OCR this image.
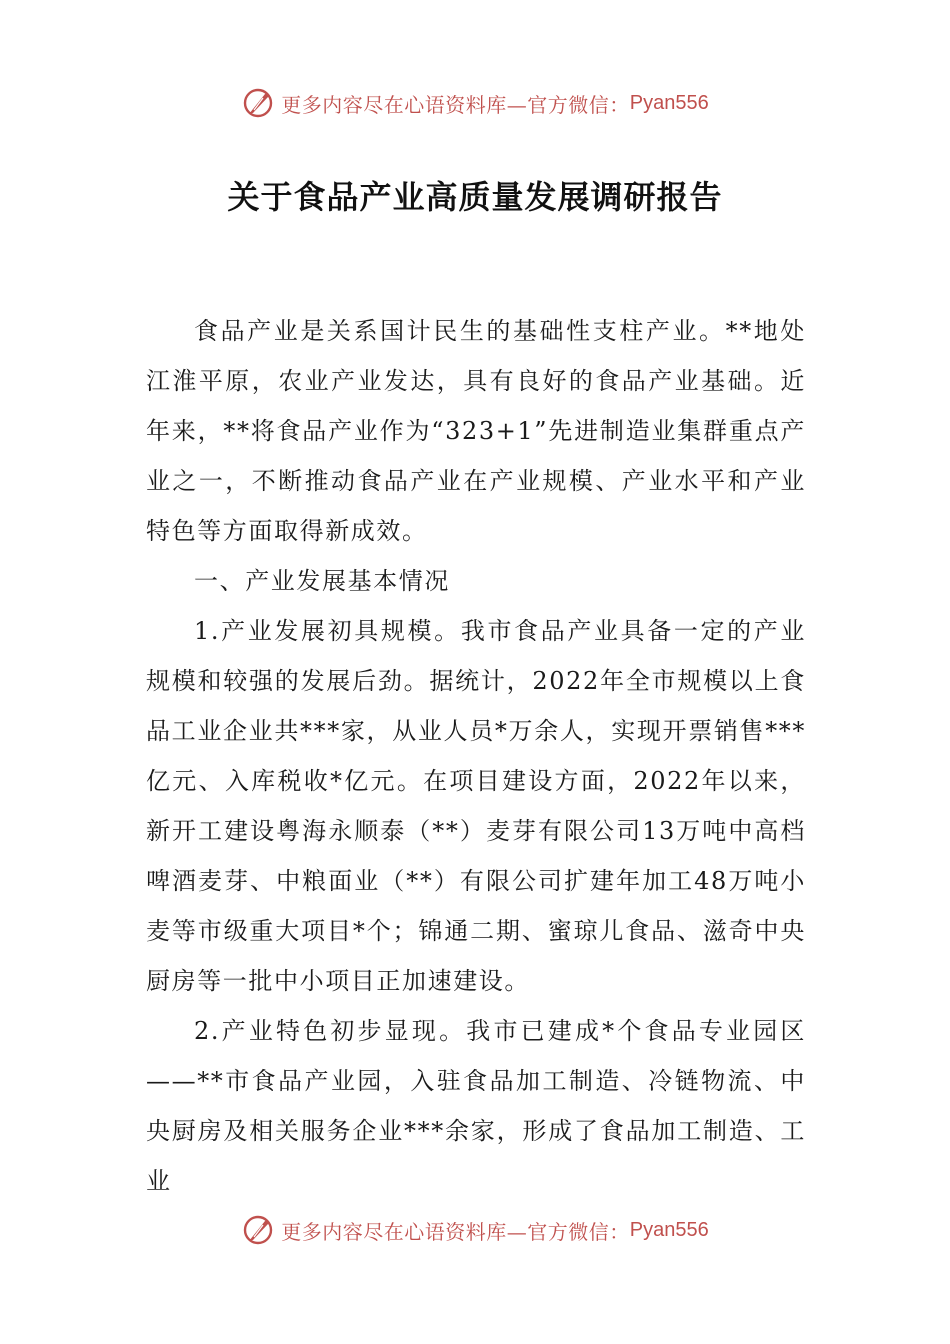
更多内容尽在心语资料库—官方微信： Pyan556
关于食品产业高质量发展调研报告

食品产业是关系国计民生的基础性支柱产业。**地处江淮平原，农业产业发达，具有良好的食品产业基础。近年来，**将食品产业作为“323+1”先进制造业集群重点产业之一，不断推动食品产业在产业规模、产业水平和产业特色等方面取得新成效。

一、产业发展基本情况

1.产业发展初具规模。我市食品产业具备一定的产业规模和较强的发展后劲。据统计，2022年全市规模以上食品工业企业共***家，从业人员*万余人，实现开票销售***亿元、入库税收*亿元。在项目建设方面，2022年以来，新开工建设粤海永顺泰（**）麦芽有限公司13万吨中高档啤酒麦芽、中粮面业（**）有限公司扩建年加工48万吨小麦等市级重大项目*个；锦通二期、蜜琼儿食品、滋奇中央厨房等一批中小项目正加速建设。

2.产业特色初步显现。我市已建成*个食品专业园区——**市食品产业园，入驻食品加工制造、冷链物流、中央厨房及相关服务企业***余家，形成了食品加工制造、工业

更多内容尽在心语资料库—官方微信： Pyan556
